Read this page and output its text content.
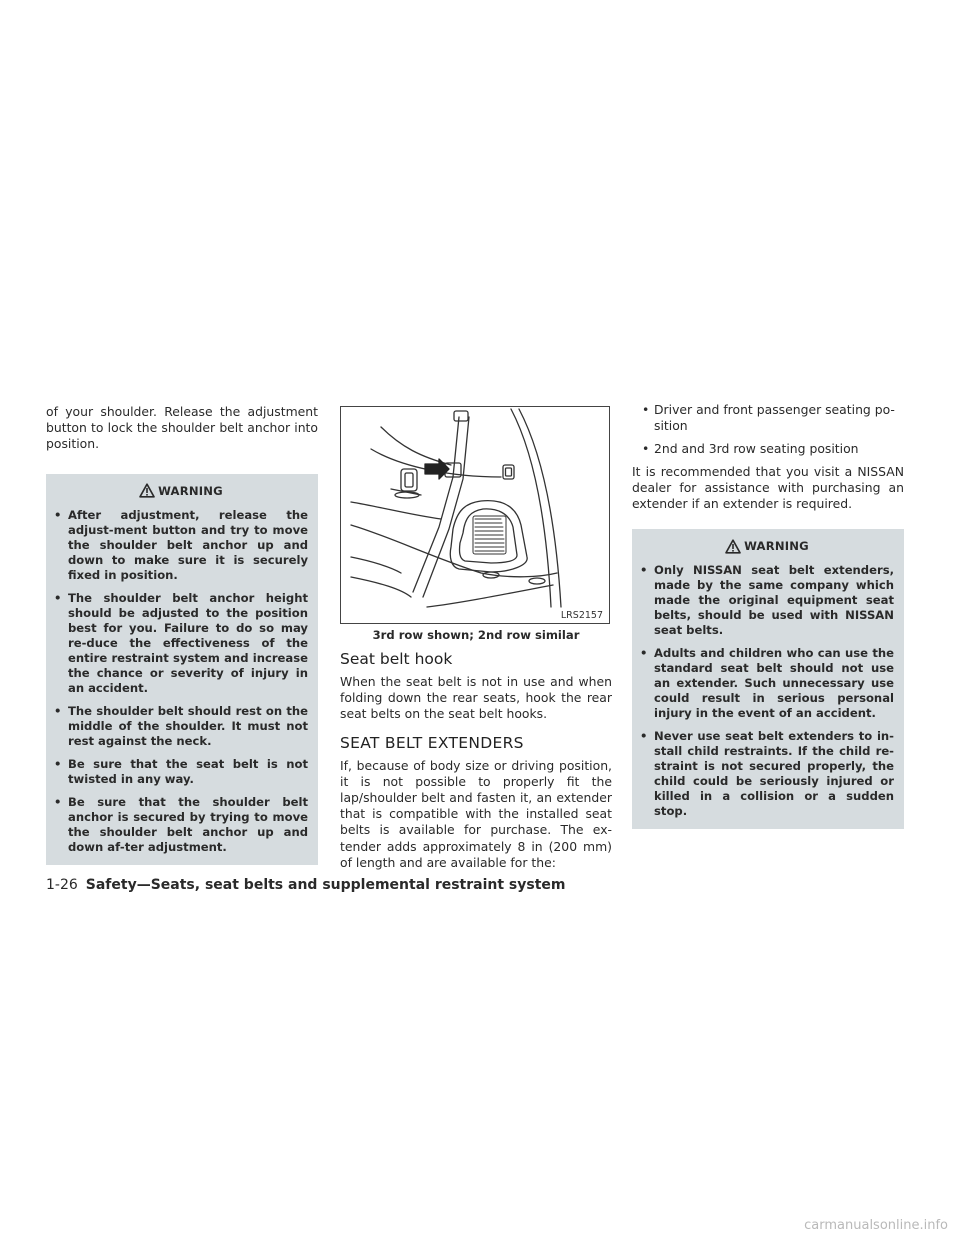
of your shoulder. Release the adjustment button to lock the shoulder belt anchor into position.

WARNING
• After adjustment, release the adjust-ment button and try to move the shoulder belt anchor up and down to make sure it is securely fixed in position.
• The shoulder belt anchor height should be adjusted to the position best for you. Failure to do so may re-duce the effectiveness of the entire restraint system and increase the chance or severity of injury in an accident.
• The shoulder belt should rest on the middle of the shoulder. It must not rest against the neck.
• Be sure that the seat belt is not twisted in any way.
• Be sure that the shoulder belt anchor is secured by trying to move the shoulder belt anchor up and down af-ter adjustment.
LRS2157
3rd row shown; 2nd row similar
Seat belt hook

When the seat belt is not in use and when folding down the rear seats, hook the rear seat belts on the seat belt hooks.

SEAT BELT EXTENDERS

If, because of body size or driving position, it is not possible to properly fit the lap/shoulder belt and fasten it, an extender that is compatible with the installed seat belts is available for purchase. The ex-tender adds approximately 8 in (200 mm) of length and are available for the:

• Driver and front passenger seating po-sition
• 2nd and 3rd row seating position

It is recommended that you visit a NISSAN dealer for assistance with purchasing an extender if an extender is required.

WARNING
• Only NISSAN seat belt extenders, made by the same company which made the original equipment seat belts, should be used with NISSAN seat belts.
• Adults and children who can use the standard seat belt should not use an extender. Such unnecessary use could result in serious personal injury in the event of an accident.
• Never use seat belt extenders to in-stall child restraints. If the child re-straint is not secured properly, the child could be seriously injured or killed in a collision or a sudden stop.
1-26 Safety—Seats, seat belts and supplemental restraint system
carmanualsonline.info
